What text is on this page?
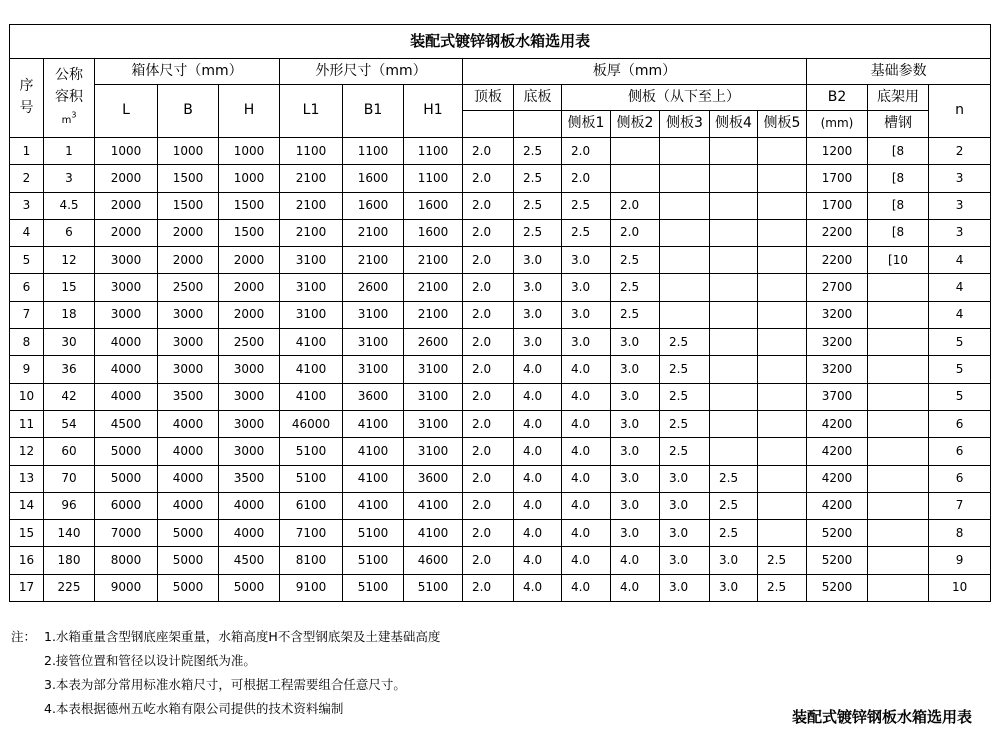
装配式镀锌钢板水箱选用表																	
序
号	公称
容积
$m^3$	箱体尺寸（mm）			外形尺寸（mm）			板厚（mm）							基础参数		
		L	B	H	L1	B1	H1	顶板	底板	侧板（从下至上）					B2	底架用	n
										侧板1	侧板2	侧板3	侧板4	侧板5	(mm)	槽钢	
1	1	1000	1000	1000	1100	1100	1100	2.0	2.5	2.0					1200	[8	2
2	3	2000	1500	1000	2100	1600	1100	2.0	2.5	2.0					1700	[8	3
3	4.5	2000	1500	1500	2100	1600	1600	2.0	2.5	2.5	2.0				1700	[8	3
4	6	2000	2000	1500	2100	2100	1600	2.0	2.5	2.5	2.0				2200	[8	3
5	12	3000	2000	2000	3100	2100	2100	2.0	3.0	3.0	2.5				2200	[10	4
6	15	3000	2500	2000	3100	2600	2100	2.0	3.0	3.0	2.5				2700		4
7	18	3000	3000	2000	3100	3100	2100	2.0	3.0	3.0	2.5				3200		4
8	30	4000	3000	2500	4100	3100	2600	2.0	3.0	3.0	3.0	2.5			3200		5
9	36	4000	3000	3000	4100	3100	3100	2.0	4.0	4.0	3.0	2.5			3200		5
10	42	4000	3500	3000	4100	3600	3100	2.0	4.0	4.0	3.0	2.5			3700		5
11	54	4500	4000	3000	46000	4100	3100	2.0	4.0	4.0	3.0	2.5			4200		6
12	60	5000	4000	3000	5100	4100	3100	2.0	4.0	4.0	3.0	2.5			4200		6
13	70	5000	4000	3500	5100	4100	3600	2.0	4.0	4.0	3.0	3.0	2.5		4200		6
14	96	6000	4000	4000	6100	4100	4100	2.0	4.0	4.0	3.0	3.0	2.5		4200		7
15	140	7000	5000	4000	7100	5100	4100	2.0	4.0	4.0	3.0	3.0	2.5		5200		8
16	180	8000	5000	4500	8100	5100	4600	2.0	4.0	4.0	4.0	3.0	3.0	2.5	5200		9
17	225	9000	5000	5000	9100	5100	5100	2.0	4.0	4.0	4.0	3.0	3.0	2.5	5200		10
注： 1.水箱重量含型钢底座架重量，水箱高度H不含型钢底架及土建基础高度
2.接管位置和管径以设计院图纸为准。
3.本表为部分常用标准水箱尺寸，可根据工程需要组合任意尺寸。
4.本表根据德州五屹水箱有限公司提供的技术资料编制	装配式镀锌钢板水箱选用表
